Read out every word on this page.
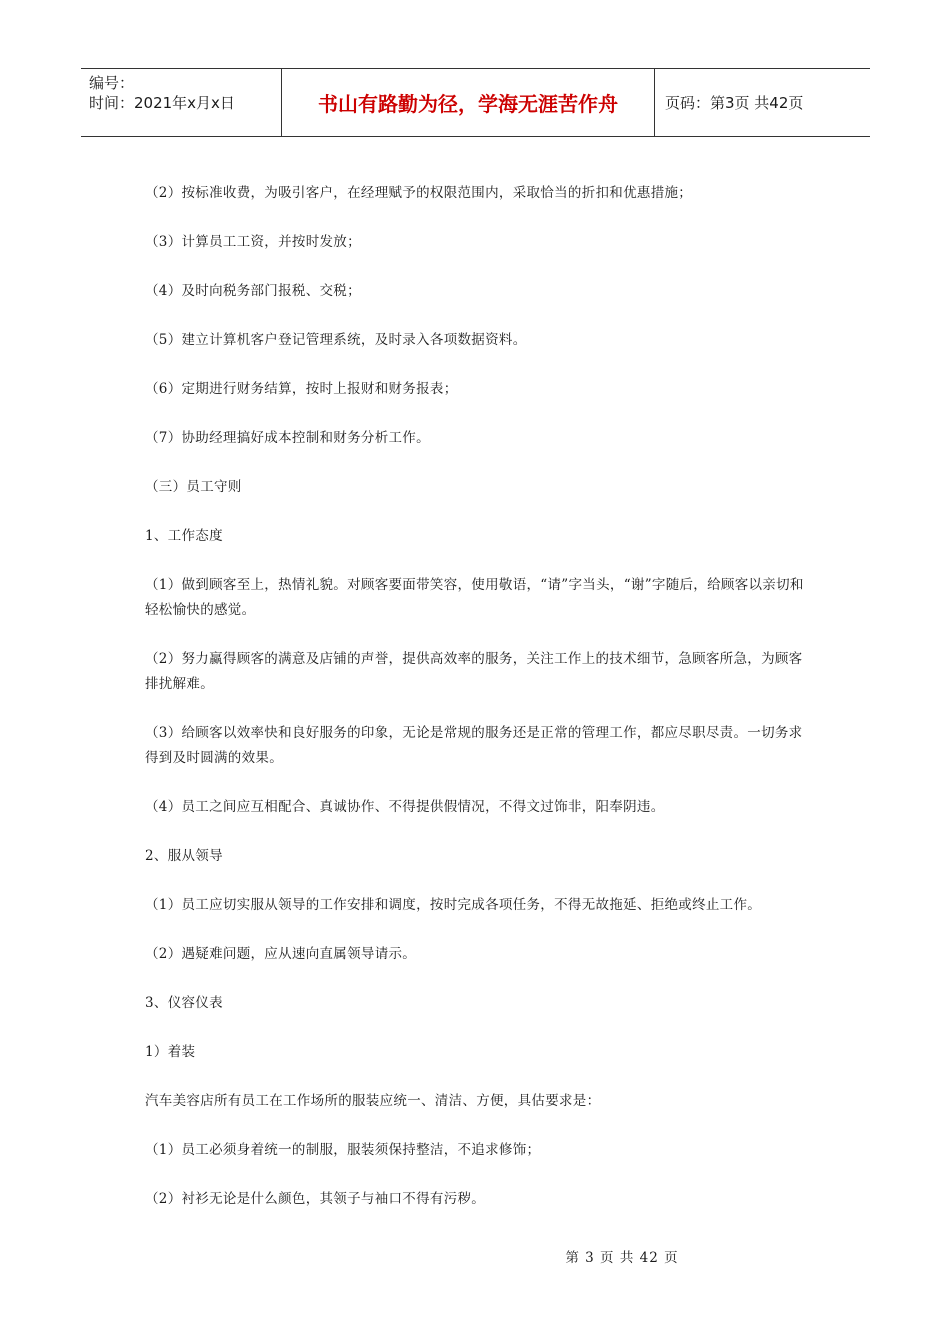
编号：
时间：2021年x月x日	书山有路勤为径，学海无涯苦作舟	页码：第3页 共42页

（2）按标准收费，为吸引客户，在经理赋予的权限范围内，采取恰当的折扣和优惠措施；

（3）计算员工工资，并按时发放；

（4）及时向税务部门报税、交税；

（5）建立计算机客户登记管理系统，及时录入各项数据资料。

（6）定期进行财务结算，按时上报财和财务报表；

（7）协助经理搞好成本控制和财务分析工作。

（三）员工守则

1、工作态度

（1）做到顾客至上，热情礼貌。对顾客要面带笑容，使用敬语，“请”字当头，“谢”字随后，给顾客以亲切和轻松愉快的感觉。

（2）努力赢得顾客的满意及店铺的声誉，提供高效率的服务，关注工作上的技术细节，急顾客所急，为顾客排扰解难。

（3）给顾客以效率快和良好服务的印象，无论是常规的服务还是正常的管理工作，都应尽职尽责。一切务求得到及时圆满的效果。

（4）员工之间应互相配合、真诚协作、不得提供假情况，不得文过饰非，阳奉阴违。

2、服从领导

（1）员工应切实服从领导的工作安排和调度，按时完成各项任务，不得无故拖延、拒绝或终止工作。

（2）遇疑难问题，应从速向直属领导请示。

3、仪容仪表

1）着装

汽车美容店所有员工在工作场所的服装应统一、清洁、方便，具估要求是：

（1）员工必须身着统一的制服，服装须保持整洁，不追求修饰；

（2）衬衫无论是什么颜色，其领子与袖口不得有污秽。

第 3 页 共 42 页
